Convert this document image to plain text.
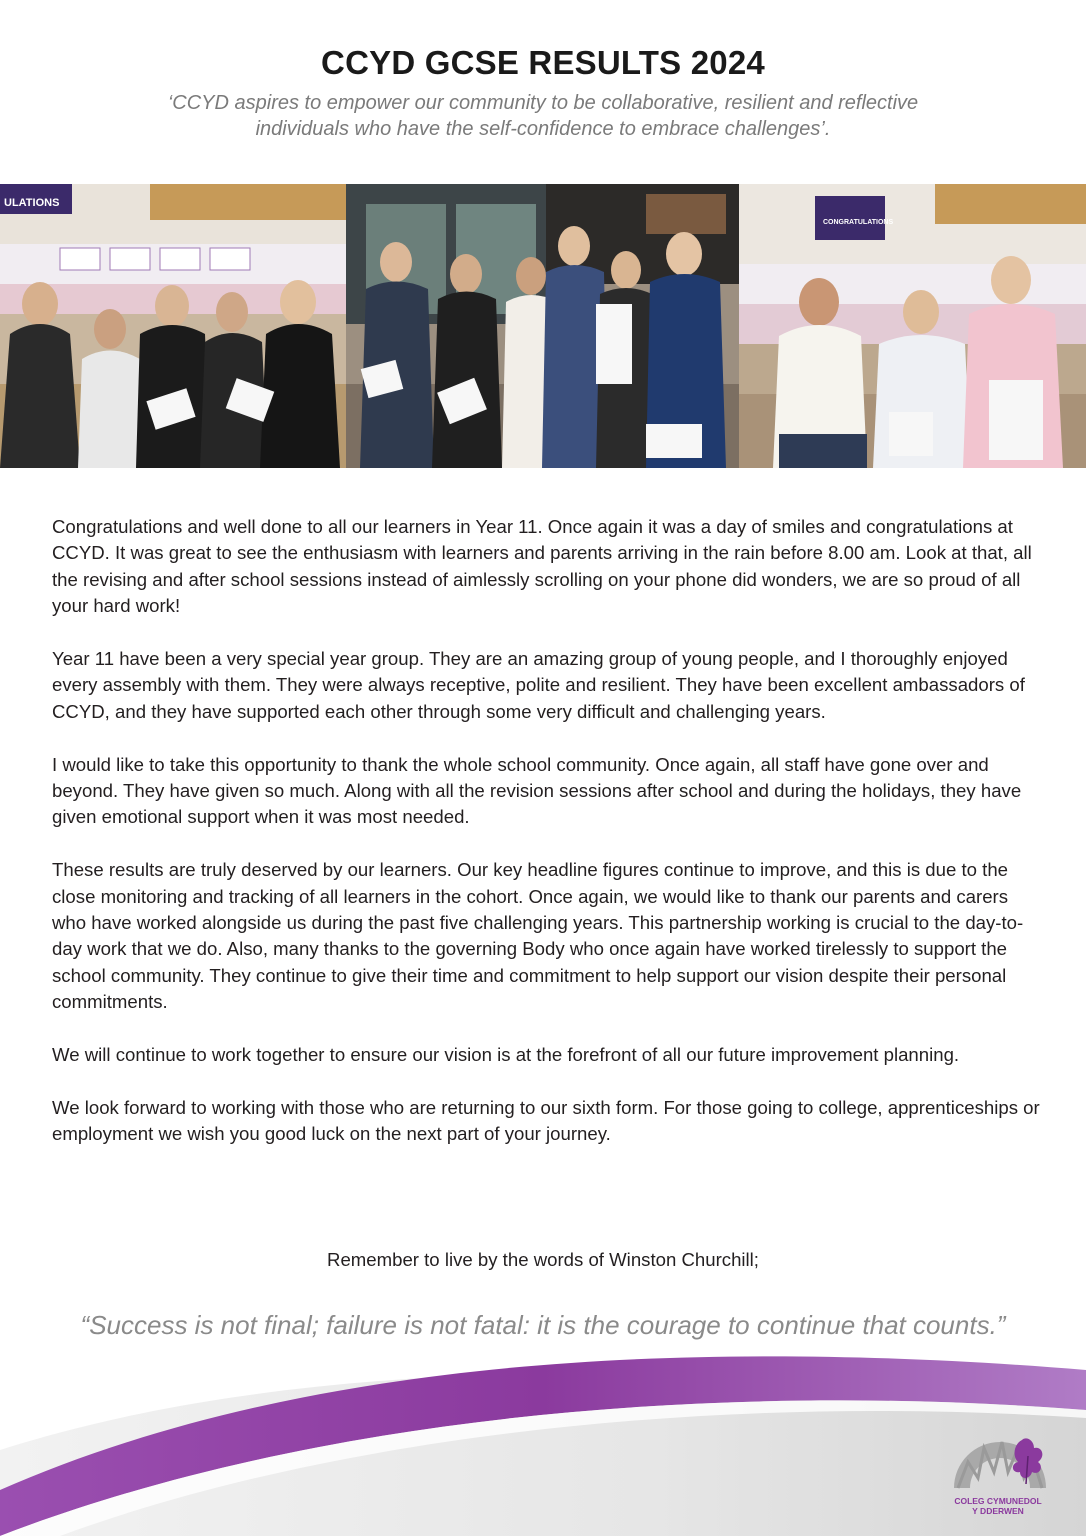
CCYD GCSE RESULTS 2024
‘CCYD aspires to empower our community to be collaborative, resilient and reflective individuals who have the self-confidence to embrace challenges’.
ULATIONS
CONGRATULATIONS

Congratulations and well done to all our learners in Year 11. Once again it was a day of smiles and congratulations at CCYD. It was great to see the enthusiasm with learners and parents arriving in the rain before 8.00 am. Look at that, all the revising and after school sessions instead of aimlessly scrolling on your phone did wonders, we are so proud of all your hard work!

Year 11 have been a very special year group. They are an amazing group of young people, and I thoroughly enjoyed every assembly with them. They were always receptive, polite and resilient. They have been excellent ambassadors of CCYD, and they have supported each other through some very difficult and challenging years.

I would like to take this opportunity to thank the whole school community. Once again, all staff have gone over and beyond. They have given so much. Along with all the revision sessions after school and during the holidays, they have given emotional support when it was most needed.

These results are truly deserved by our learners. Our key headline figures continue to improve, and this is due to the close monitoring and tracking of all learners in the cohort. Once again, we would like to thank our parents and carers who have worked alongside us during the past five challenging years. This partnership working is crucial to the day-to-day work that we do. Also, many thanks to the governing Body who once again have worked tirelessly to support the school community. They continue to give their time and commitment to help support our vision despite their personal commitments.

We will continue to work together to ensure our vision is at the forefront of all our future improvement planning.

We look forward to working with those who are returning to our sixth form. For those going to college, apprenticeships or employment we wish you good luck on the next part of your journey.

Remember to live by the words of Winston Churchill;
“Success is not final; failure is not fatal: it is the courage to continue that counts.”
COLEG CYMUNEDOL
Y DDERWEN
